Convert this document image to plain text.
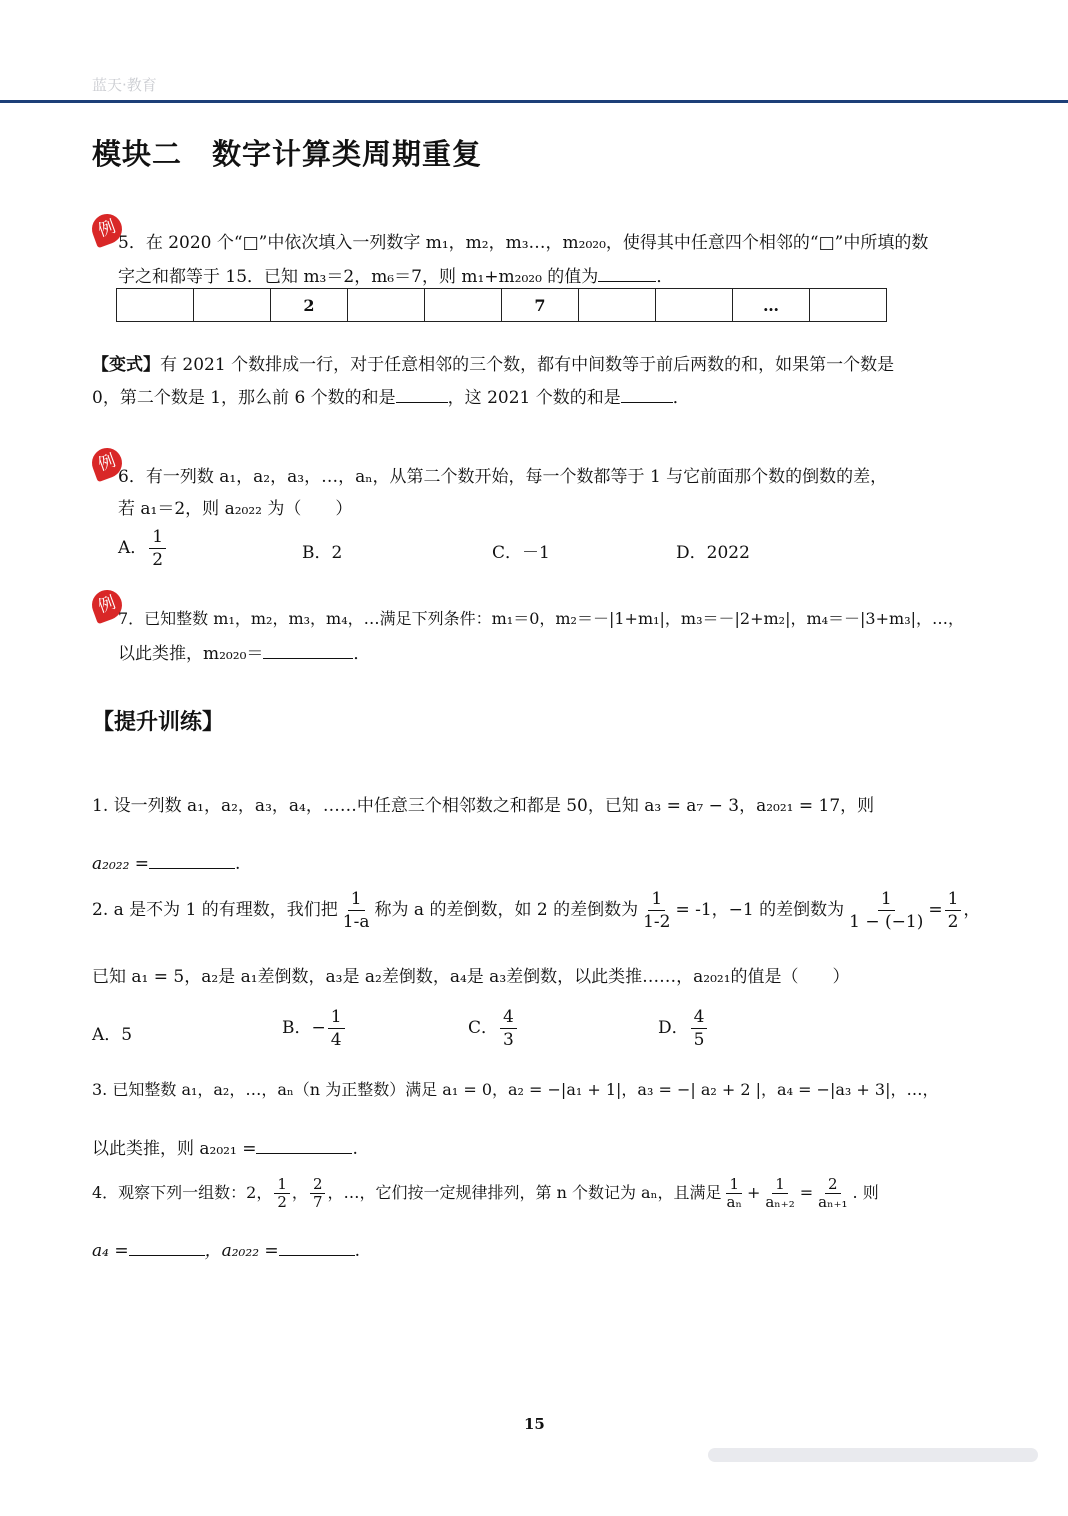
蓝天·教育
模块二　数字计算类周期重复
例
5．在 2020 个“□”中依次填入一列数字 m₁，m₂，m₃…，m₂₀₂₀，使得其中任意四个相邻的“□”中所填的数
字之和都等于 15．已知 m₃＝2，m₆＝7，则 m₁+m₂₀₂₀ 的值为	．
		2			7			…	
【变式】有 2021 个数排成一行，对于任意相邻的三个数，都有中间数等于前后两数的和，如果第一个数是
0，第二个数是 1，那么前 6 个数的和是	，这 2021 个数的和是	．
例
6．有一列数 a₁，a₂，a₃，…，aₙ，从第二个数开始，每一个数都等于 1 与它前面那个数的倒数的差，
若 a₁＝2，则 a₂₀₂₂ 为（　　）
A． $\frac{1}{2}$	B．2	C．－1	D．2022
例
7．已知整数 m₁，m₂，m₃，m₄，…满足下列条件：m₁＝0，m₂＝－|1+m₁|，m₃＝－|2+m₂|，m₄＝－|3+m₃|，…，
以此类推，m₂₀₂₀＝	．
【提升训练】
1. 设一列数 a₁，a₂，a₃，a₄，……中任意三个相邻数之和都是 50，已知 a₃ = a₇ − 3，a₂₀₂₁ = 17，则
a₂₀₂₂ =	.
2. a 是不为 1 的有理数，我们把 $\frac{1}{1-a}$ 称为 a 的差倒数，如 2 的差倒数为 $\frac{1}{1-2} = -1$，−1 的差倒数为 $\frac{1}{1 - (-1)} = \frac{1}{2}$ ，
已知 a₁ = 5，a₂是 a₁差倒数，a₃是 a₂差倒数，a₄是 a₃差倒数，以此类推……，a₂₀₂₁的值是（　　）
A．5	B．− $\frac{1}{4}$	C． $\frac{4}{3}$	D． $\frac{4}{5}$
3. 已知整数 a₁，a₂，…，aₙ（n 为正整数）满足 a₁ = 0，a₂ = −|a₁ + 1|，a₃ = −| a₂ + 2 |，a₄ = −|a₃ + 3|，…，
以此类推，则 a₂₀₂₁ =	.
4．观察下列一组数：2， $\frac{1}{2}$ ， $\frac{2}{7}$ ，…，它们按一定规律排列，第 n 个数记为 aₙ，且满足 $\frac{1}{\text{aₙ}} + \frac{1}{\text{aₙ₊₂}} = \frac{2}{\text{aₙ₊₁}}$ . 则
a₄ =	，a₂₀₂₂ =	.
15
